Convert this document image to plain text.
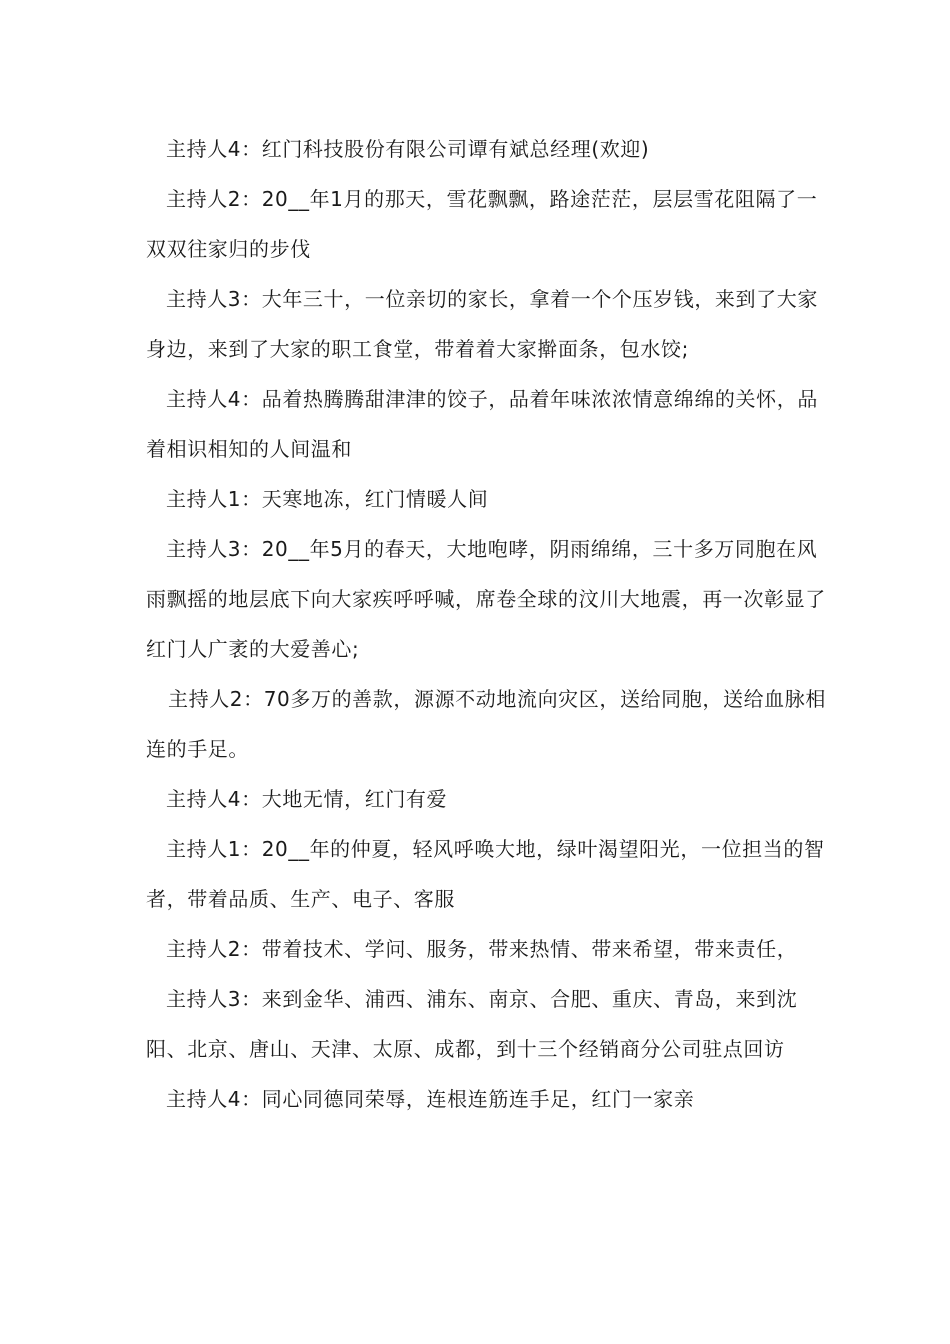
主持人4：红门科技股份有限公司谭有斌总经理(欢迎)

主持人2：20__年1月的那天，雪花飘飘，路途茫茫，层层雪花阻隔了一双双往家归的步伐

主持人3：大年三十，一位亲切的家长，拿着一个个压岁钱，来到了大家身边，来到了大家的职工食堂，带着着大家擀面条，包水饺;

主持人4：品着热腾腾甜津津的饺子，品着年味浓浓情意绵绵的关怀，品着相识相知的人间温和

主持人1：天寒地冻，红门情暖人间

主持人3：20__年5月的春天，大地咆哮，阴雨绵绵，三十多万同胞在风雨飘摇的地层底下向大家疾呼呼喊，席卷全球的汶川大地震，再一次彰显了红门人广袤的大爱善心;

主持人2：70多万的善款，源源不动地流向灾区，送给同胞，送给血脉相连的手足。

主持人4：大地无情，红门有爱

主持人1：20__年的仲夏，轻风呼唤大地，绿叶渴望阳光，一位担当的智者，带着品质、生产、电子、客服

主持人2：带着技术、学问、服务，带来热情、带来希望，带来责任，

主持人3：来到金华、浦西、浦东、南京、合肥、重庆、青岛，来到沈阳、北京、唐山、天津、太原、成都，到十三个经销商分公司驻点回访

主持人4：同心同德同荣辱，连根连筋连手足，红门一家亲
